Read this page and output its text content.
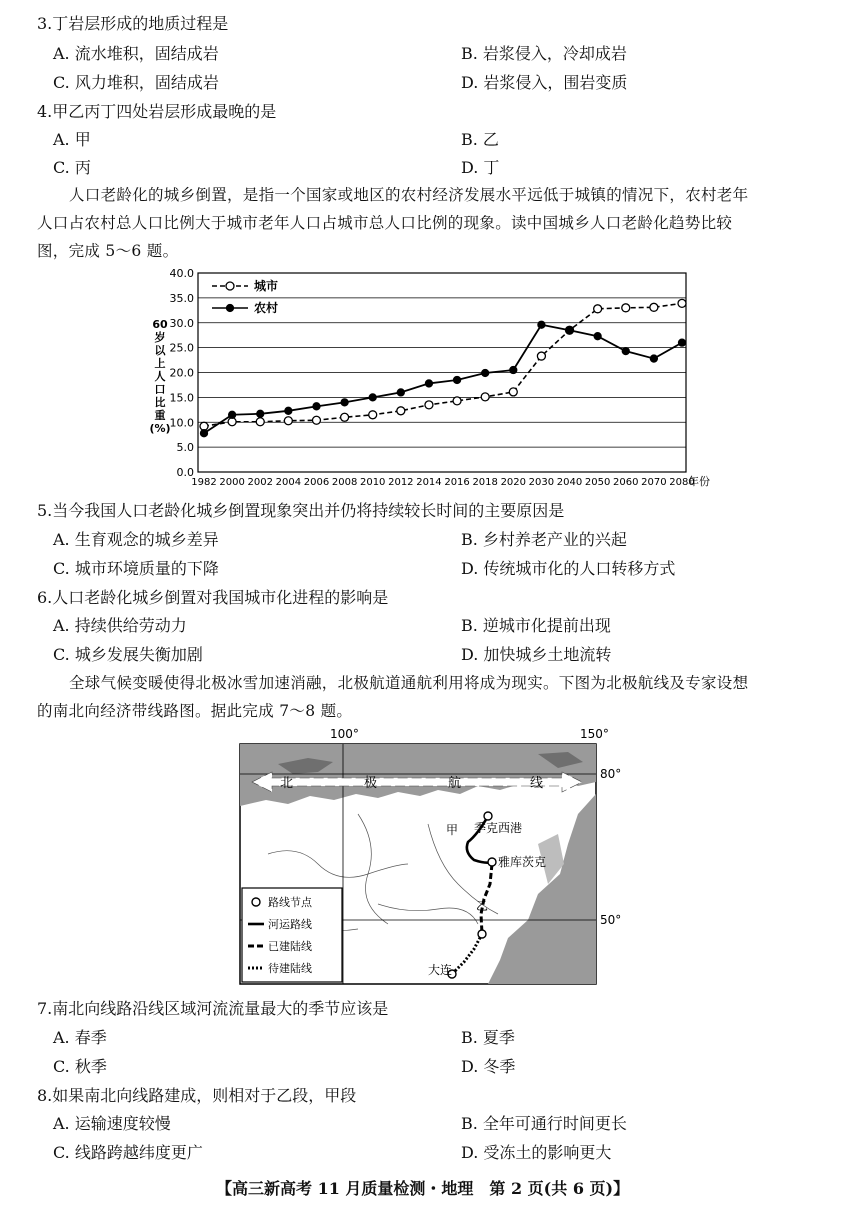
3.丁岩层形成的地质过程是
A. 流水堆积，固结成岩	B. 岩浆侵入，冷却成岩
C. 风力堆积，固结成岩	D. 岩浆侵入，围岩变质
4.甲乙丙丁四处岩层形成最晚的是
A. 甲	B. 乙
C. 丙	D. 丁
人口老龄化的城乡倒置，是指一个国家或地区的农村经济发展水平远低于城镇的情况下，农村老年
人口占农村总人口比例大于城市老年人口占城市总人口比例的现象。读中国城乡人口老龄化趋势比较
图，完成 5～6 题。
0.0
5.0
10.0
15.0
20.0
25.0
30.0
35.0
40.0
1982 2000 2002 2004 2006 2008 2010 2012 2014 2016 2018 2020 2030 2040 2050 2060 2070 2080
年份
60
岁
以
上
人
口
比
重
(%)
城市
农村
5.当今我国人口老龄化城乡倒置现象突出并仍将持续较长时间的主要原因是
A. 生育观念的城乡差异	B. 乡村养老产业的兴起
C. 城市环境质量的下降	D. 传统城市化的人口转移方式
6.人口老龄化城乡倒置对我国城市化进程的影响是
A. 持续供给劳动力	B. 逆城市化提前出现
C. 城乡发展失衡加剧	D. 加快城乡土地流转
全球气候变暖使得北极冰雪加速消融，北极航道通航利用将成为现实。下图为北极航线及专家设想
的南北向经济带线路图。据此完成 7～8 题。
北	极	航	线
甲 季克西港
雅库茨克
乙
大连
100°	150°
80°
50°
路线节点
河运路线
已建陆线
待建陆线
7.南北向线路沿线区域河流流量最大的季节应该是
A. 春季	B. 夏季
C. 秋季	D. 冬季
8.如果南北向线路建成，则相对于乙段，甲段
A. 运输速度较慢	B. 全年可通行时间更长
C. 线路跨越纬度更广	D. 受冻土的影响更大
【高三新高考 11 月质量检测・地理　第 2 页(共 6 页)】
